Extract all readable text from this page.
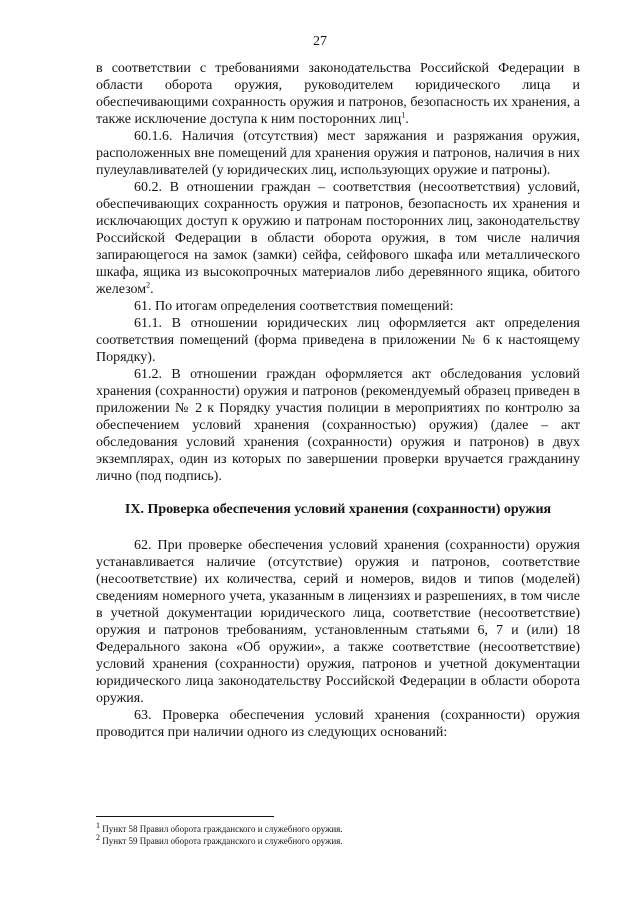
27

в соответствии с требованиями законодательства Российской Федерации в области оборота оружия, руководителем юридического лица и обеспечивающими сохранность оружия и патронов, безопасность их хранения, а также исключение доступа к ним посторонних лиц$^1$.

60.1.6. Наличия (отсутствия) мест заряжания и разряжания оружия, расположенных вне помещений для хранения оружия и патронов, наличия в них пулеулавливателей (у юридических лиц, использующих оружие и патроны).

60.2. В отношении граждан – соответствия (несоответствия) условий, обеспечивающих сохранность оружия и патронов, безопасность их хранения и исключающих доступ к оружию и патронам посторонних лиц, законодательству Российской Федерации в области оборота оружия, в том числе наличия запирающегося на замок (замки) сейфа, сейфового шкафа или металлического шкафа, ящика из высокопрочных материалов либо деревянного ящика, обитого железом$^2$.

61. По итогам определения соответствия помещений:

61.1. В отношении юридических лиц оформляется акт определения соответствия помещений (форма приведена в приложении № 6 к настоящему Порядку).

61.2. В отношении граждан оформляется акт обследования условий хранения (сохранности) оружия и патронов (рекомендуемый образец приведен в приложении № 2 к Порядку участия полиции в мероприятиях по контролю за обеспечением условий хранения (сохранностью) оружия) (далее – акт обследования условий хранения (сохранности) оружия и патронов) в двух экземплярах, один из которых по завершении проверки вручается гражданину лично (под подпись).

IX. Проверка обеспечения условий хранения (сохранности) оружия

62. При проверке обеспечения условий хранения (сохранности) оружия устанавливается наличие (отсутствие) оружия и патронов, соответствие (несоответствие) их количества, серий и номеров, видов и типов (моделей) сведениям номерного учета, указанным в лицензиях и разрешениях, в том числе в учетной документации юридического лица, соответствие (несоответствие) оружия и патронов требованиям, установленным статьями 6, 7 и (или) 18 Федерального закона «Об оружии», а также соответствие (несоответствие) условий хранения (сохранности) оружия, патронов и учетной документации юридического лица законодательству Российской Федерации в области оборота оружия.

63. Проверка обеспечения условий хранения (сохранности) оружия проводится при наличии одного из следующих оснований:

$^1$ Пункт 58 Правил оборота гражданского и служебного оружия.

$^2$ Пункт 59 Правил оборота гражданского и служебного оружия.
